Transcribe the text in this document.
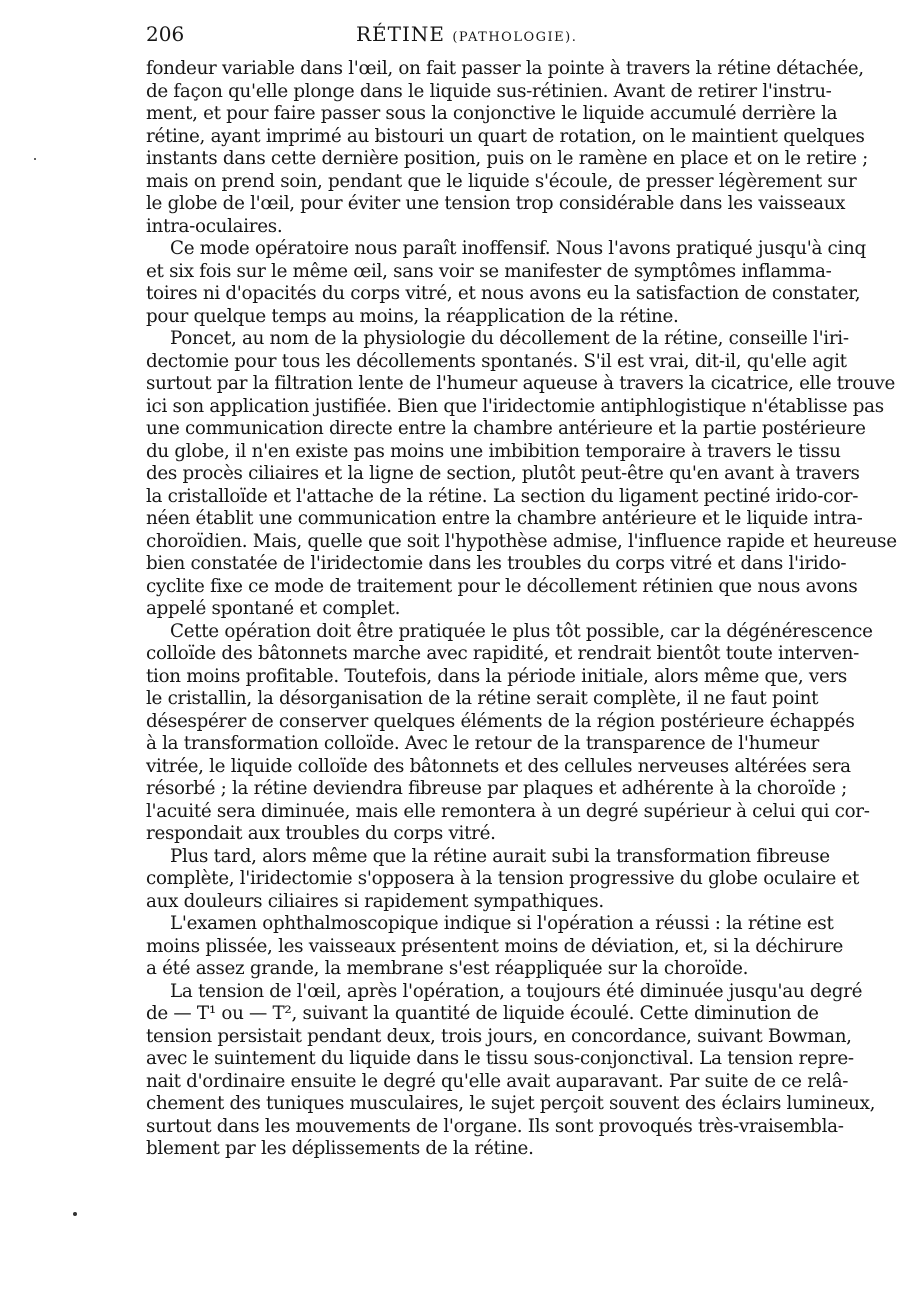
206	RÉTINE (PATHOLOGIE).
fondeur variable dans l'œil, on fait passer la pointe à travers la rétine détachée,
de façon qu'elle plonge dans le liquide sus-rétinien. Avant de retirer l'instru-
ment, et pour faire passer sous la conjonctive le liquide accumulé derrière la
rétine, ayant imprimé au bistouri un quart de rotation, on le maintient quelques
instants dans cette dernière position, puis on le ramène en place et on le retire ;
mais on prend soin, pendant que le liquide s'écoule, de presser légèrement sur
le globe de l'œil, pour éviter une tension trop considérable dans les vaisseaux
intra-oculaires.
Ce mode opératoire nous paraît inoffensif. Nous l'avons pratiqué jusqu'à cinq
et six fois sur le même œil, sans voir se manifester de symptômes inflamma-
toires ni d'opacités du corps vitré, et nous avons eu la satisfaction de constater,
pour quelque temps au moins, la réapplication de la rétine.
Poncet, au nom de la physiologie du décollement de la rétine, conseille l'iri-
dectomie pour tous les décollements spontanés. S'il est vrai, dit-il, qu'elle agit
surtout par la filtration lente de l'humeur aqueuse à travers la cicatrice, elle trouve
ici son application justifiée. Bien que l'iridectomie antiphlogistique n'établisse pas
une communication directe entre la chambre antérieure et la partie postérieure
du globe, il n'en existe pas moins une imbibition temporaire à travers le tissu
des procès ciliaires et la ligne de section, plutôt peut-être qu'en avant à travers
la cristalloïde et l'attache de la rétine. La section du ligament pectiné irido-cor-
néen établit une communication entre la chambre antérieure et le liquide intra-
choroïdien. Mais, quelle que soit l'hypothèse admise, l'influence rapide et heureuse
bien constatée de l'iridectomie dans les troubles du corps vitré et dans l'irido-
cyclite fixe ce mode de traitement pour le décollement rétinien que nous avons
appelé spontané et complet.
Cette opération doit être pratiquée le plus tôt possible, car la dégénérescence
colloïde des bâtonnets marche avec rapidité, et rendrait bientôt toute interven-
tion moins profitable. Toutefois, dans la période initiale, alors même que, vers
le cristallin, la désorganisation de la rétine serait complète, il ne faut point
désespérer de conserver quelques éléments de la région postérieure échappés
à la transformation colloïde. Avec le retour de la transparence de l'humeur
vitrée, le liquide colloïde des bâtonnets et des cellules nerveuses altérées sera
résorbé ; la rétine deviendra fibreuse par plaques et adhérente à la choroïde ;
l'acuité sera diminuée, mais elle remontera à un degré supérieur à celui qui cor-
respondait aux troubles du corps vitré.
Plus tard, alors même que la rétine aurait subi la transformation fibreuse
complète, l'iridectomie s'opposera à la tension progressive du globe oculaire et
aux douleurs ciliaires si rapidement sympathiques.
L'examen ophthalmoscopique indique si l'opération a réussi : la rétine est
moins plissée, les vaisseaux présentent moins de déviation, et, si la déchirure
a été assez grande, la membrane s'est réappliquée sur la choroïde.
La tension de l'œil, après l'opération, a toujours été diminuée jusqu'au degré
de — T¹ ou — T², suivant la quantité de liquide écoulé. Cette diminution de
tension persistait pendant deux, trois jours, en concordance, suivant Bowman,
avec le suintement du liquide dans le tissu sous-conjonctival. La tension repre-
nait d'ordinaire ensuite le degré qu'elle avait auparavant. Par suite de ce relâ-
chement des tuniques musculaires, le sujet perçoit souvent des éclairs lumineux,
surtout dans les mouvements de l'organe. Ils sont provoqués très-vraisembla-
blement par les déplissements de la rétine.
